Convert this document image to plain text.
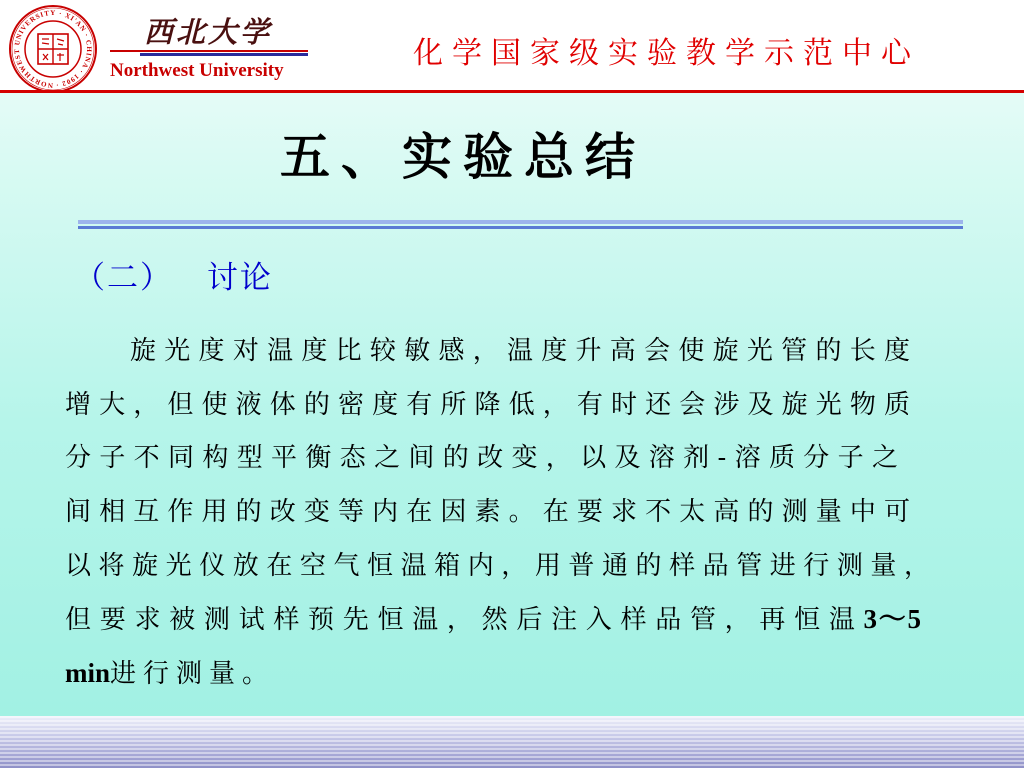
NORTHWEST UNIVERSITY · XI'AN · CHINA · 1902 ·
西北大学
Northwest University	化学国家级实验教学示范中心
五、实验总结
（二） 讨论
旋光度对温度比较敏感，温度升高会使旋光管的长度
增大，但使液体的密度有所降低，有时还会涉及旋光物质
分子不同构型平衡态之间的改变，以及溶剂-溶质分子之
间相互作用的改变等内在因素。在要求不太高的测量中可
以将旋光仪放在空气恒温箱内，用普通的样品管进行测量，
但要求被测试样预先恒温，然后注入样品管，再恒温3～5
min进行测量。
